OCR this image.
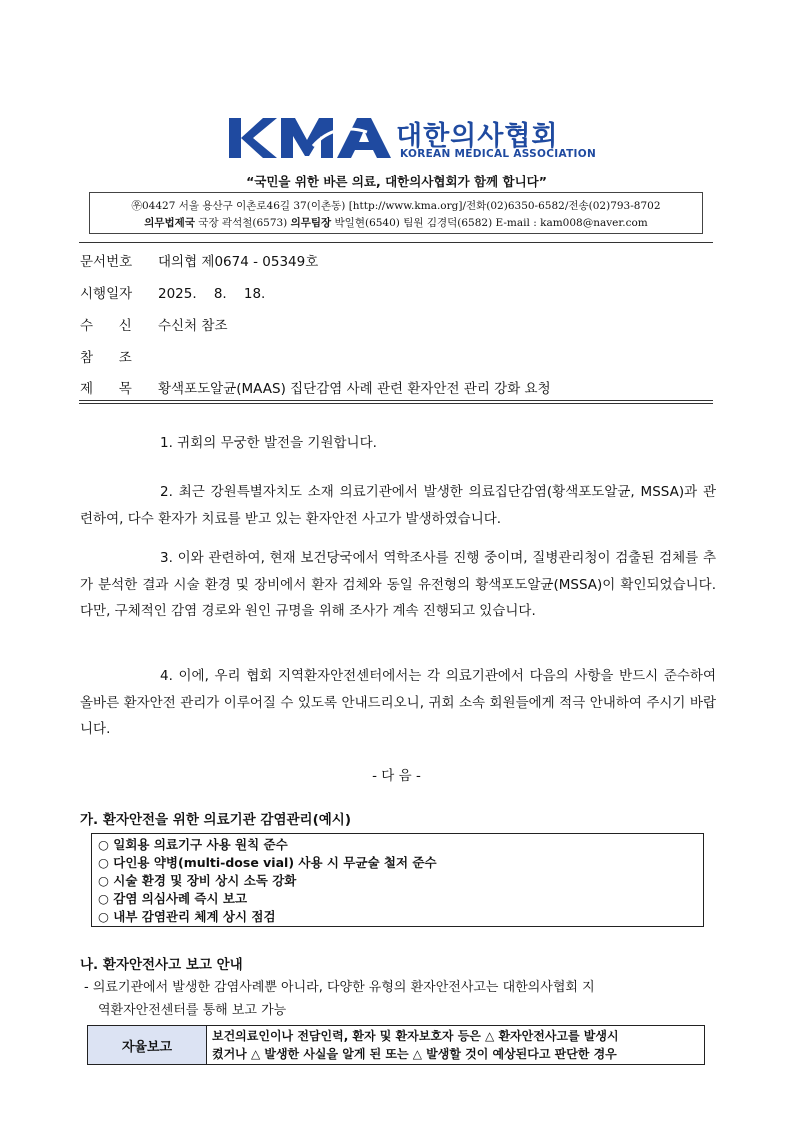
대한의사협회
KOREAN MEDICAL ASSOCIATION
“국민을 위한 바른 의료, 대한의사협회가 함께 합니다”
㉾04427 서울 용산구 이촌로46길 37(이촌동) [http://www.kma.org]/전화(02)6350-6582/전송(02)793-8702
의무법제국 국장 곽석철(6573) 의무팀장 박일현(6540) 팀원 김경덕(6582) E-mail : kam008@naver.com
문서번호 대의협 제0674 - 05349호
시행일자 2025.    8.    18.
수      신 수신처 참조
참      조
제      목 황색포도알균(MAAS) 집단감염 사례 관련 환자안전 관리 강화 요청
1. 귀회의 무궁한 발전을 기원합니다.
2. 최근 강원특별자치도 소재 의료기관에서 발생한 의료집단감염(황색포도알균, MSSA)과 관련하여, 다수 환자가 치료를 받고 있는 환자안전 사고가 발생하였습니다.
3. 이와 관련하여, 현재 보건당국에서 역학조사를 진행 중이며, 질병관리청이 검출된 검체를 추가 분석한 결과 시술 환경 및 장비에서 환자 검체와 동일 유전형의 황색포도알균(MSSA)이 확인되었습니다. 다만, 구체적인 감염 경로와 원인 규명을 위해 조사가 계속 진행되고 있습니다.
4. 이에, 우리 협회 지역환자안전센터에서는 각 의료기관에서 다음의 사항을 반드시 준수하여 올바른 환자안전 관리가 이루어질 수 있도록 안내드리오니, 귀회 소속 회원들에게 적극 안내하여 주시기 바랍니다.
- 다 음 -
가. 환자안전을 위한 의료기관 감염관리(예시)
○ 일회용 의료기구 사용 원칙 준수
○ 다인용 약병(multi-dose vial) 사용 시 무균술 철저 준수
○ 시술 환경 및 장비 상시 소독 강화
○ 감염 의심사례 즉시 보고
○ 내부 감염관리 체계 상시 점검
나. 환자안전사고 보고 안내
- 의료기관에서 발생한 감염사례뿐 아니라, 다양한 유형의 환자안전사고는 대한의사협회 지
역환자안전센터를 통해 보고 가능
자율보고
보건의료인이나 전담인력, 환자 및 환자보호자 등은 △ 환자안전사고를 발생시
켰거나 △ 발생한 사실을 알게 된 또는 △ 발생할 것이 예상된다고 판단한 경우
